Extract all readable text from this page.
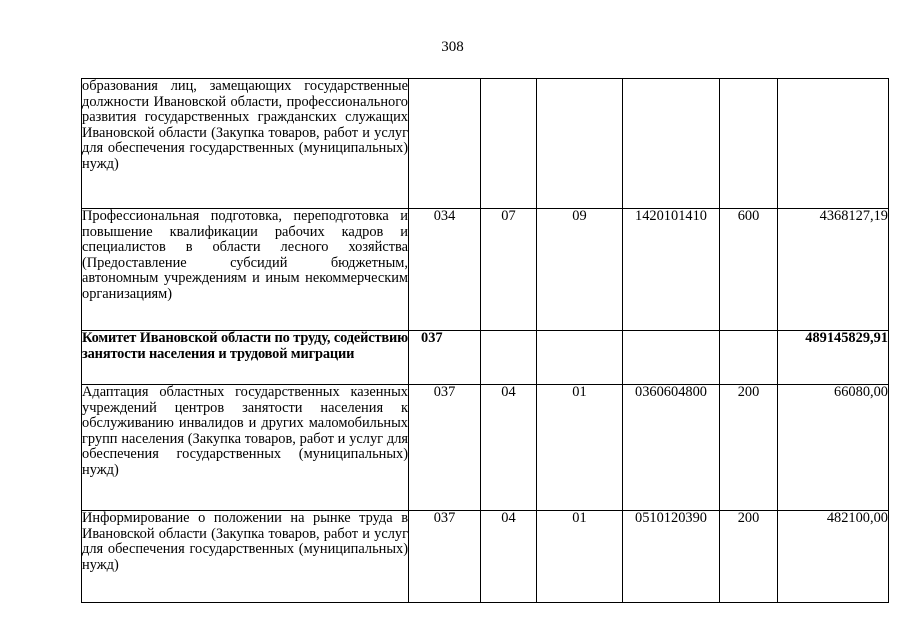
308
образования лиц, замещающих государственные должности Ивановской области, профессионального развития государственных гражданских служащих Ивановской области (Закупка товаров, работ и услуг для обеспечения государственных (муниципальных) нужд)						
Профессиональная подготовка, переподготовка и повышение квалификации рабочих кадров и специалистов в области лесного хозяйства (Предоставление субсидий бюджетным, автономным учреждениям и иным некоммерческим организациям)	034	07	09	1420101410	600	4368127,19
Комитет Ивановской области по труду, содействию занятости населения и трудовой миграции	037					489145829,91
Адаптация областных государственных казенных учреждений центров занятости населения к обслуживанию инвалидов и других маломобильных групп населения (Закупка товаров, работ и услуг для обеспечения государственных (муниципальных) нужд)	037	04	01	0360604800	200	66080,00
Информирование о положении на рынке труда в Ивановской области (Закупка товаров, работ и услуг для обеспечения государственных (муниципальных) нужд)	037	04	01	0510120390	200	482100,00
